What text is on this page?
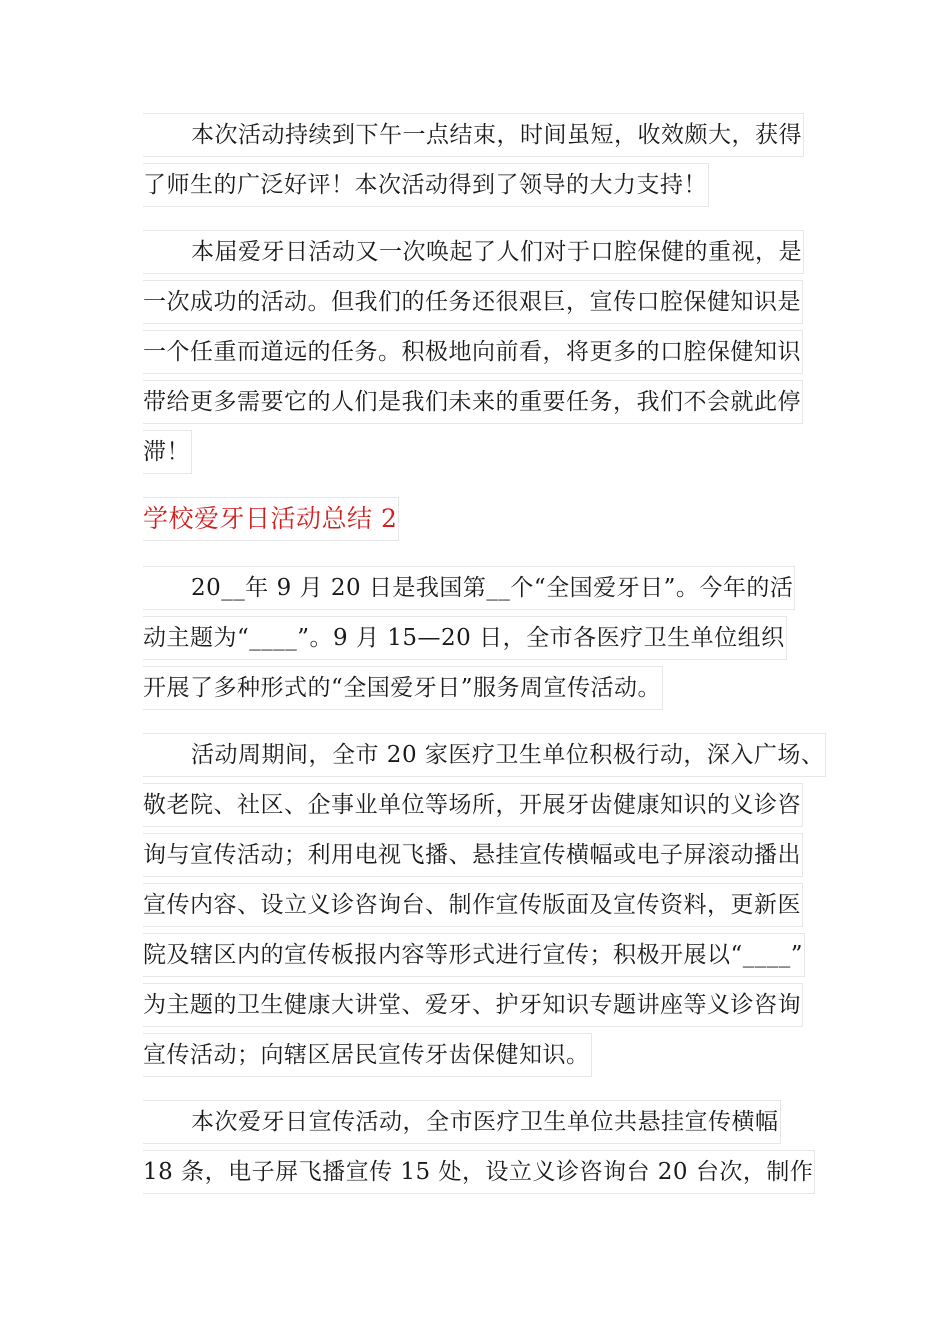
本次活动持续到下午一点结束，时间虽短，收效颇大，获得
了师生的广泛好评！本次活动得到了领导的大力支持！
本届爱牙日活动又一次唤起了人们对于口腔保健的重视，是
一次成功的活动。但我们的任务还很艰巨，宣传口腔保健知识是
一个任重而道远的任务。积极地向前看，将更多的口腔保健知识
带给更多需要它的人们是我们未来的重要任务，我们不会就此停
滞！
学校爱牙日活动总结 2
20__年 9 月 20 日是我国第__个“全国爱牙日”。今年的活
动主题为“____”。9 月 15—20 日，全市各医疗卫生单位组织
开展了多种形式的“全国爱牙日”服务周宣传活动。
活动周期间，全市 20 家医疗卫生单位积极行动，深入广场、
敬老院、社区、企事业单位等场所，开展牙齿健康知识的义诊咨
询与宣传活动；利用电视飞播、悬挂宣传横幅或电子屏滚动播出
宣传内容、设立义诊咨询台、制作宣传版面及宣传资料，更新医
院及辖区内的宣传板报内容等形式进行宣传；积极开展以“____”
为主题的卫生健康大讲堂、爱牙、护牙知识专题讲座等义诊咨询
宣传活动；向辖区居民宣传牙齿保健知识。
本次爱牙日宣传活动，全市医疗卫生单位共悬挂宣传横幅
18 条，电子屏飞播宣传 15 处，设立义诊咨询台 20 台次，制作
